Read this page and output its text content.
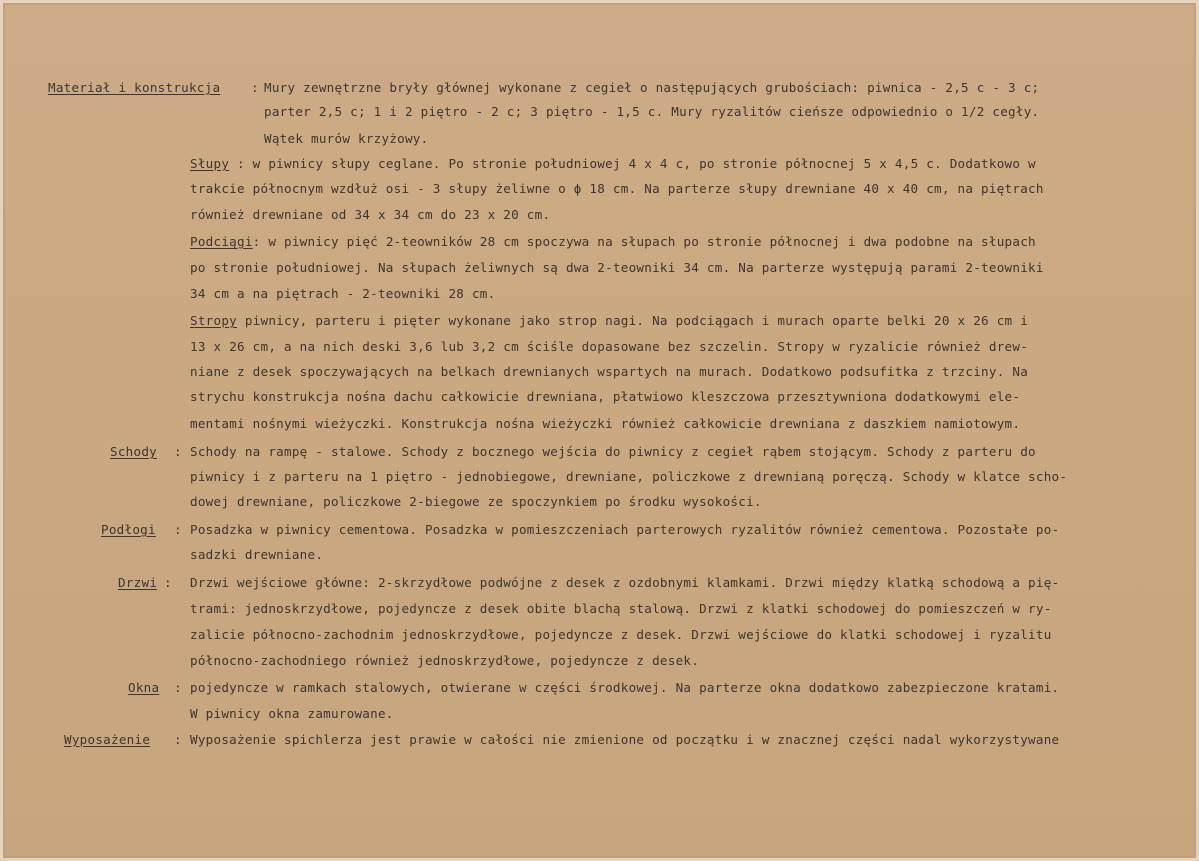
Materiał i konstrukcja : Mury zewnętrzne bryły głównej wykonane z cegieł o następujących grubościach: piwnica - 2,5 c - 3 c;
parter 2,5 c; 1 i 2 piętro - 2 c; 3 piętro - 1,5 c. Mury ryzalitów cieńsze odpowiednio o 1/2 cegły.
Wątek murów krzyżowy.
Słupy : w piwnicy słupy ceglane. Po stronie południowej 4 x 4 c, po stronie północnej 5 x 4,5 c. Dodatkowo w
trakcie północnym wzdłuż osi - 3 słupy żeliwne o ϕ 18 cm. Na parterze słupy drewniane 40 x 40 cm, na piętrach
również drewniane od 34 x 34 cm do 23 x 20 cm.
Podciągi: w piwnicy pięć 2-teowników 28 cm spoczywa na słupach po stronie północnej i dwa podobne na słupach
po stronie południowej. Na słupach żeliwnych są dwa 2-teowniki 34 cm. Na parterze występują parami 2-teowniki
34 cm a na piętrach - 2-teowniki 28 cm.
Stropy piwnicy, parteru i pięter wykonane jako strop nagi. Na podciągach i murach oparte belki 20 x 26 cm i
13 x 26 cm, a na nich deski 3,6 lub 3,2 cm ściśle dopasowane bez szczelin. Stropy w ryzalicie również drew-
niane z desek spoczywających na belkach drewnianych wspartych na murach. Dodatkowo podsufitka z trzciny. Na
strychu konstrukcja nośna dachu całkowicie drewniana, płatwiowo kleszczowa przesztywniona dodatkowymi ele-
mentami nośnymi wieżyczki. Konstrukcja nośna wieżyczki również całkowicie drewniana z daszkiem namiotowym.
Schody : Schody na rampę - stalowe. Schody z bocznego wejścia do piwnicy z cegieł rąbem stojącym. Schody z parteru do
piwnicy i z parteru na 1 piętro - jednobiegowe, drewniane, policzkowe z drewnianą poręczą. Schody w klatce scho-
dowej drewniane, policzkowe 2-biegowe ze spoczynkiem po środku wysokości.
Podłogi : Posadzka w piwnicy cementowa. Posadzka w pomieszczeniach parterowych ryzalitów również cementowa. Pozostałe po-
sadzki drewniane.
Drzwi : Drzwi wejściowe główne: 2-skrzydłowe podwójne z desek z ozdobnymi klamkami. Drzwi między klatką schodową a pię-
trami: jednoskrzydłowe, pojedyncze z desek obite blachą stalową. Drzwi z klatki schodowej do pomieszczeń w ry-
zalicie północno-zachodnim jednoskrzydłowe, pojedyncze z desek. Drzwi wejściowe do klatki schodowej i ryzalitu
północno-zachodniego również jednoskrzydłowe, pojedyncze z desek.
Okna : pojedyncze w ramkach stalowych, otwierane w części środkowej. Na parterze okna dodatkowo zabezpieczone kratami.
W piwnicy okna zamurowane.
Wyposażenie : Wyposażenie spichlerza jest prawie w całości nie zmienione od początku i w znacznej części nadal wykorzystywane
